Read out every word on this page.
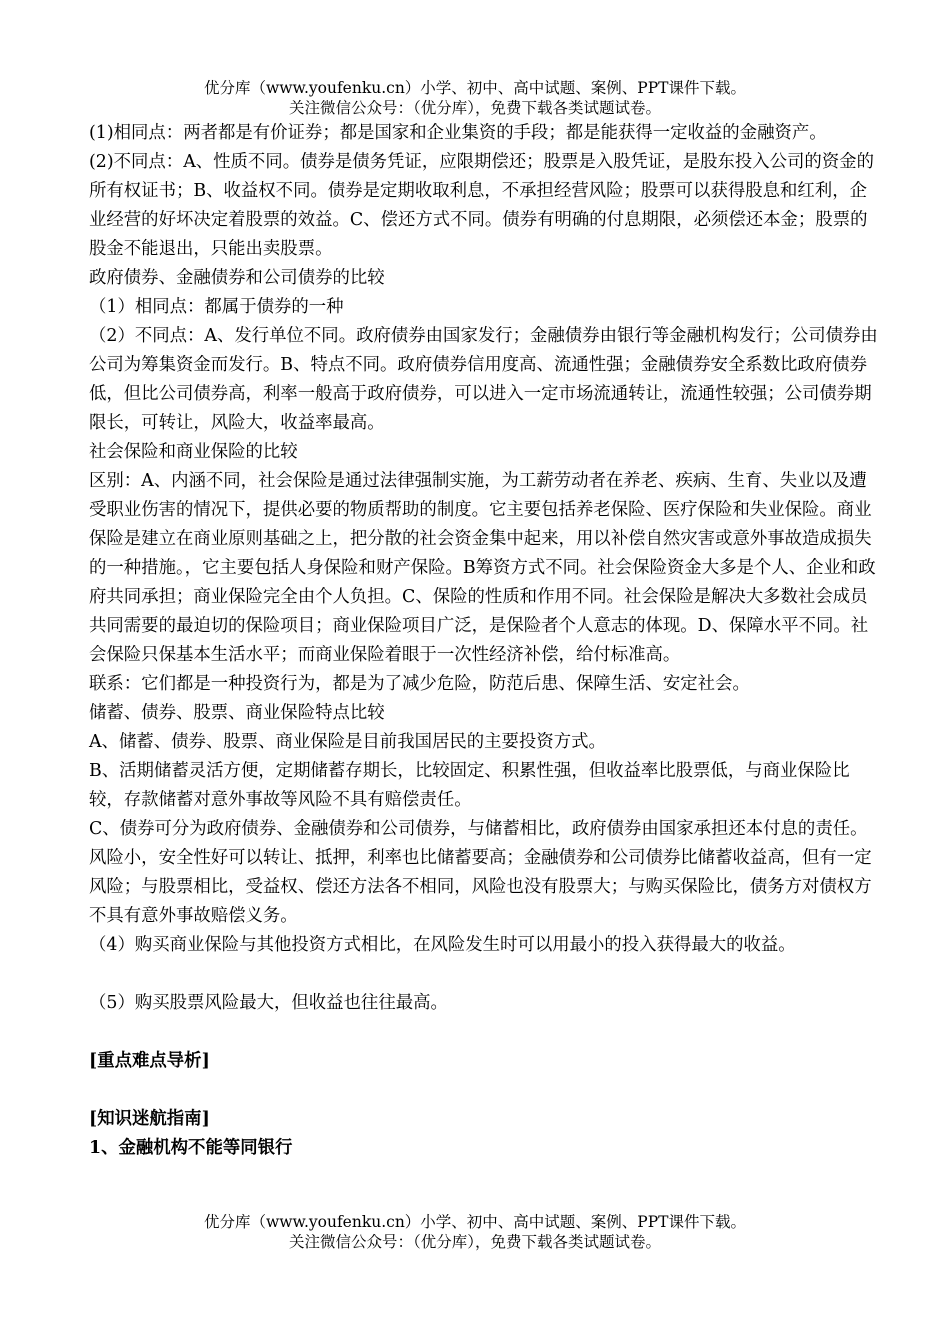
优分库（www.youfenku.cn）小学、初中、高中试题、案例、PPT课件下载。
关注微信公众号：（优分库），免费下载各类试题试卷。

(1)相同点：两者都是有价证券；都是国家和企业集资的手段；都是能获得一定收益的金融资产。

(2)不同点：A、性质不同。债券是债务凭证，应限期偿还；股票是入股凭证，是股东投入公司的资金的所有权证书；B、收益权不同。债券是定期收取利息，不承担经营风险；股票可以获得股息和红利，企业经营的好坏决定着股票的效益。C、偿还方式不同。债券有明确的付息期限，必须偿还本金；股票的股金不能退出，只能出卖股票。

政府债券、金融债券和公司债券的比较

（1）相同点：都属于债券的一种

（2）不同点：A、发行单位不同。政府债券由国家发行；金融债券由银行等金融机构发行；公司债券由公司为筹集资金而发行。B、特点不同。政府债券信用度高、流通性强；金融债券安全系数比政府债券低，但比公司债券高，利率一般高于政府债券，可以进入一定市场流通转让，流通性较强；公司债券期限长，可转让，风险大，收益率最高。

社会保险和商业保险的比较

区别：A、内涵不同，社会保险是通过法律强制实施，为工薪劳动者在养老、疾病、生育、失业以及遭受职业伤害的情况下，提供必要的物质帮助的制度。它主要包括养老保险、医疗保险和失业保险。商业保险是建立在商业原则基础之上，把分散的社会资金集中起来，用以补偿自然灾害或意外事故造成损失的一种措施。，它主要包括人身保险和财产保险。B筹资方式不同。社会保险资金大多是个人、企业和政府共同承担；商业保险完全由个人负担。C、保险的性质和作用不同。社会保险是解决大多数社会成员共同需要的最迫切的保险项目；商业保险项目广泛，是保险者个人意志的体现。D、保障水平不同。社会保险只保基本生活水平；而商业保险着眼于一次性经济补偿，给付标准高。

联系：它们都是一种投资行为，都是为了减少危险，防范后患、保障生活、安定社会。

储蓄、债券、股票、商业保险特点比较

A、储蓄、债券、股票、商业保险是目前我国居民的主要投资方式。

B、活期储蓄灵活方便，定期储蓄存期长，比较固定、积累性强，但收益率比股票低，与商业保险比较，存款储蓄对意外事故等风险不具有赔偿责任。

C、债券可分为政府债券、金融债券和公司债券，与储蓄相比，政府债券由国家承担还本付息的责任。风险小，安全性好可以转让、抵押，利率也比储蓄要高；金融债券和公司债券比储蓄收益高，但有一定风险；与股票相比，受益权、偿还方法各不相同，风险也没有股票大；与购买保险比，债务方对债权方不具有意外事故赔偿义务。

（4）购买商业保险与其他投资方式相比，在风险发生时可以用最小的投入获得最大的收益。

（5）购买股票风险最大，但收益也往往最高。

[重点难点导析]

[知识迷航指南]

1、金融机构不能等同银行

优分库（www.youfenku.cn）小学、初中、高中试题、案例、PPT课件下载。
关注微信公众号：（优分库），免费下载各类试题试卷。
